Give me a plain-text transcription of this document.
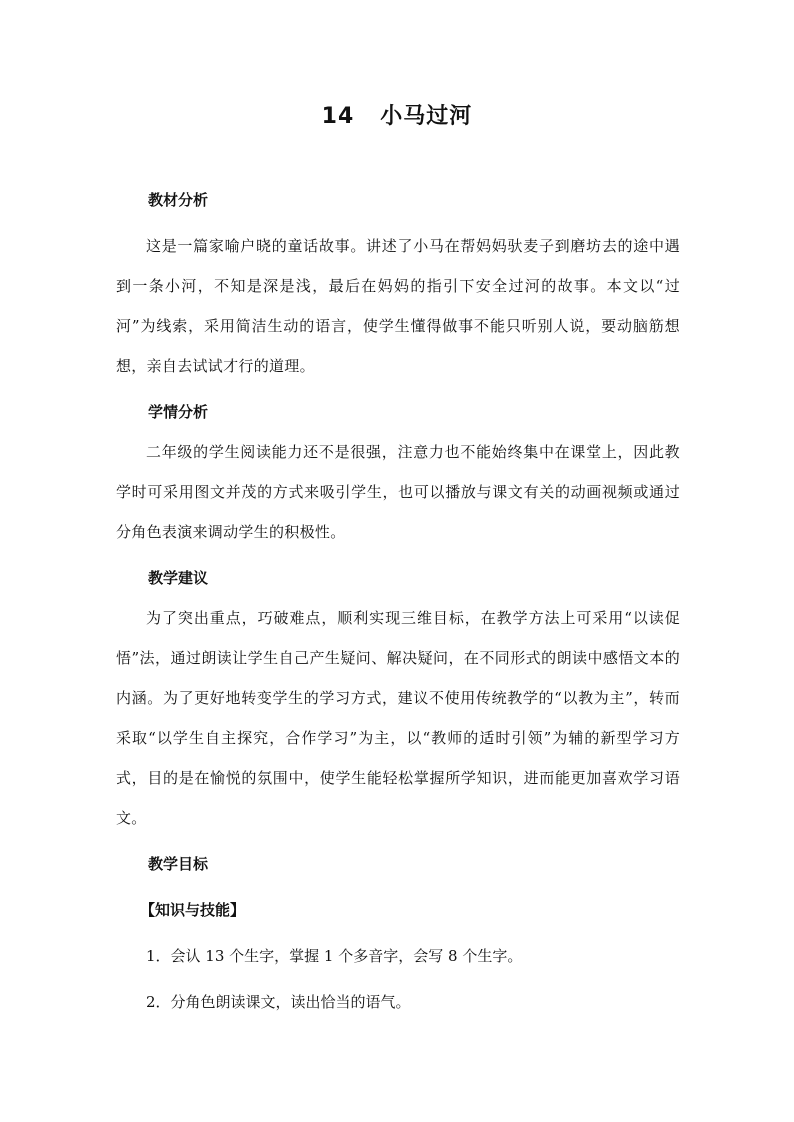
14 小马过河

教材分析

这是一篇家喻户晓的童话故事。讲述了小马在帮妈妈驮麦子到磨坊去的途中遇到一条小河，不知是深是浅，最后在妈妈的指引下安全过河的故事。本文以“过河”为线索，采用简洁生动的语言，使学生懂得做事不能只听别人说，要动脑筋想想，亲自去试试才行的道理。

学情分析

二年级的学生阅读能力还不是很强，注意力也不能始终集中在课堂上，因此教学时可采用图文并茂的方式来吸引学生，也可以播放与课文有关的动画视频或通过分角色表演来调动学生的积极性。

教学建议

为了突出重点，巧破难点，顺利实现三维目标，在教学方法上可采用“以读促悟”法，通过朗读让学生自己产生疑问、解决疑问，在不同形式的朗读中感悟文本的内涵。为了更好地转变学生的学习方式，建议不使用传统教学的“以教为主”，转而采取“以学生自主探究，合作学习”为主，以“教师的适时引领”为辅的新型学习方式，目的是在愉悦的氛围中，使学生能轻松掌握所学知识，进而能更加喜欢学习语文。

教学目标

【知识与技能】

1．会认 13 个生字，掌握 1 个多音字，会写 8 个生字。

2．分角色朗读课文，读出恰当的语气。
